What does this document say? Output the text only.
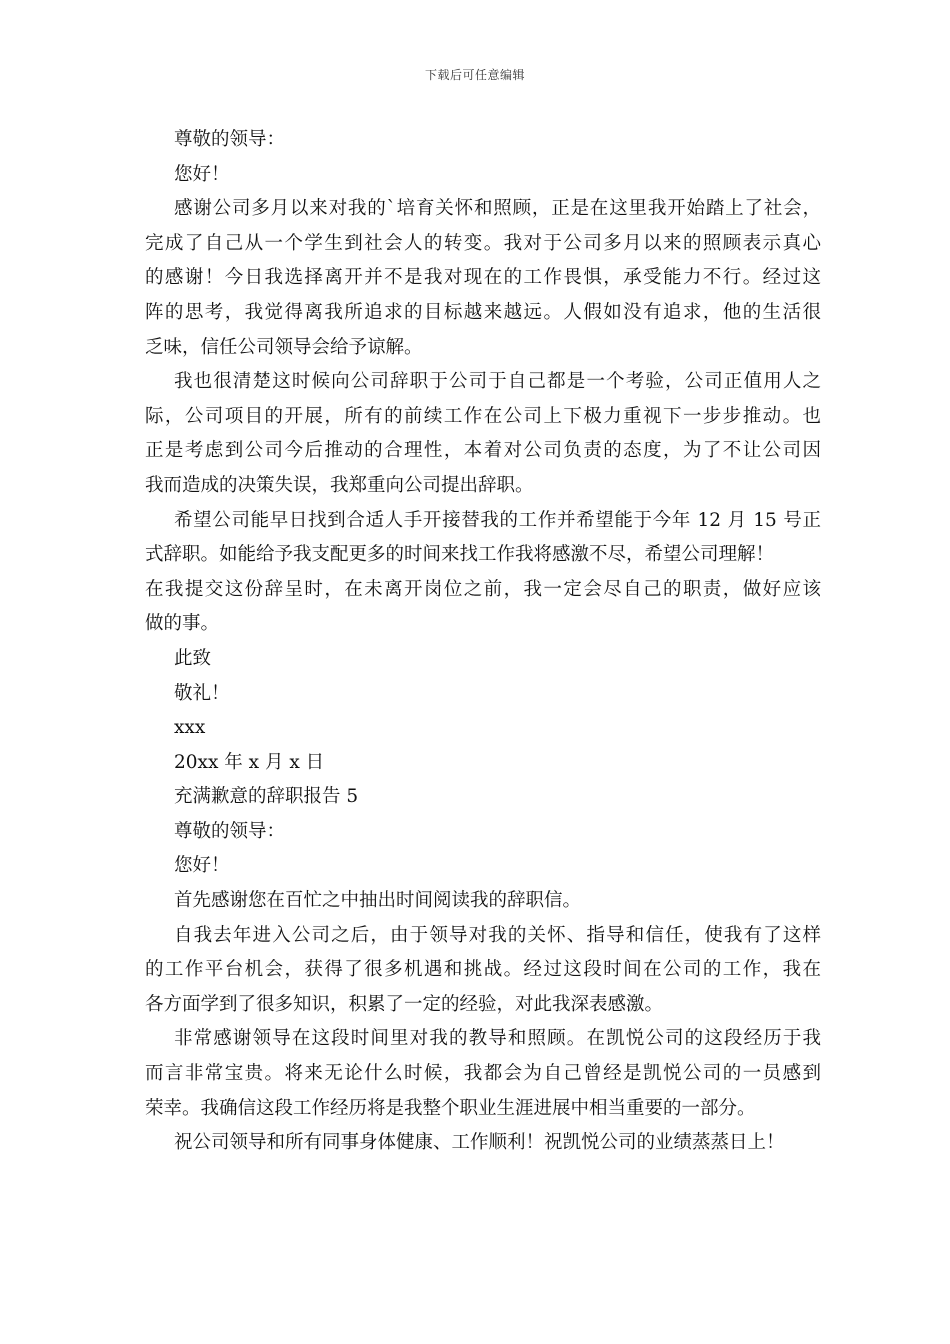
下载后可任意编辑
尊敬的领导：
您好！
感谢公司多月以来对我的`培育关怀和照顾，正是在这里我开始踏上了社会，
完成了自己从一个学生到社会人的转变。我对于公司多月以来的照顾表示真心
的感谢！今日我选择离开并不是我对现在的工作畏惧，承受能力不行。经过这
阵的思考，我觉得离我所追求的目标越来越远。人假如没有追求，他的生活很
乏味，信任公司领导会给予谅解。
我也很清楚这时候向公司辞职于公司于自己都是一个考验，公司正值用人之
际，公司项目的开展，所有的前续工作在公司上下极力重视下一步步推动。也
正是考虑到公司今后推动的合理性，本着对公司负责的态度，为了不让公司因
我而造成的决策失误，我郑重向公司提出辞职。
希望公司能早日找到合适人手开接替我的工作并希望能于今年 12 月 15 号正
式辞职。如能给予我支配更多的时间来找工作我将感激不尽，希望公司理解！
在我提交这份辞呈时，在未离开岗位之前，我一定会尽自己的职责，做好应该
做的事。
此致
敬礼！
xxx
20xx 年 x 月 x 日
充满歉意的辞职报告 5
尊敬的领导：
您好！
首先感谢您在百忙之中抽出时间阅读我的辞职信。
自我去年进入公司之后，由于领导对我的关怀、指导和信任，使我有了这样
的工作平台机会，获得了很多机遇和挑战。经过这段时间在公司的工作，我在
各方面学到了很多知识，积累了一定的经验，对此我深表感激。
非常感谢领导在这段时间里对我的教导和照顾。在凯悦公司的这段经历于我
而言非常宝贵。将来无论什么时候，我都会为自己曾经是凯悦公司的一员感到
荣幸。我确信这段工作经历将是我整个职业生涯进展中相当重要的一部分。
祝公司领导和所有同事身体健康、工作顺利！祝凯悦公司的业绩蒸蒸日上！
